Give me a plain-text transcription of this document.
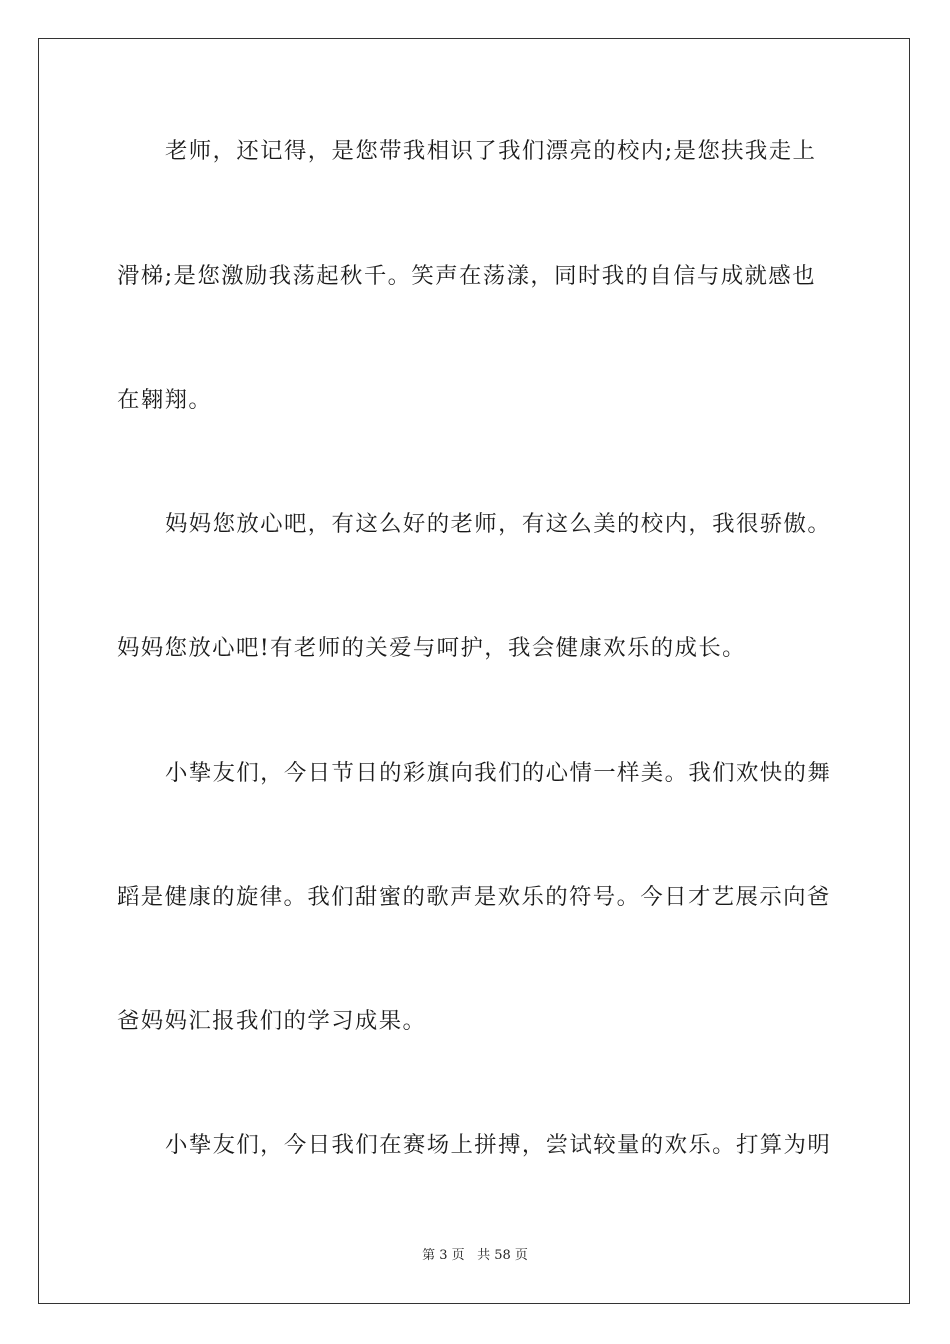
老师，还记得，是您带我相识了我们漂亮的校内;是您扶我走上
滑梯;是您激励我荡起秋千。笑声在荡漾，同时我的自信与成就感也
在翱翔。
妈妈您放心吧，有这么好的老师，有这么美的校内，我很骄傲。
妈妈您放心吧!有老师的关爱与呵护，我会健康欢乐的成长。
小挚友们，今日节日的彩旗向我们的心情一样美。我们欢快的舞
蹈是健康的旋律。我们甜蜜的歌声是欢乐的符号。今日才艺展示向爸
爸妈妈汇报我们的学习成果。
小挚友们，今日我们在赛场上拼搏，尝试较量的欢乐。打算为明
第 3 页 共 58 页
